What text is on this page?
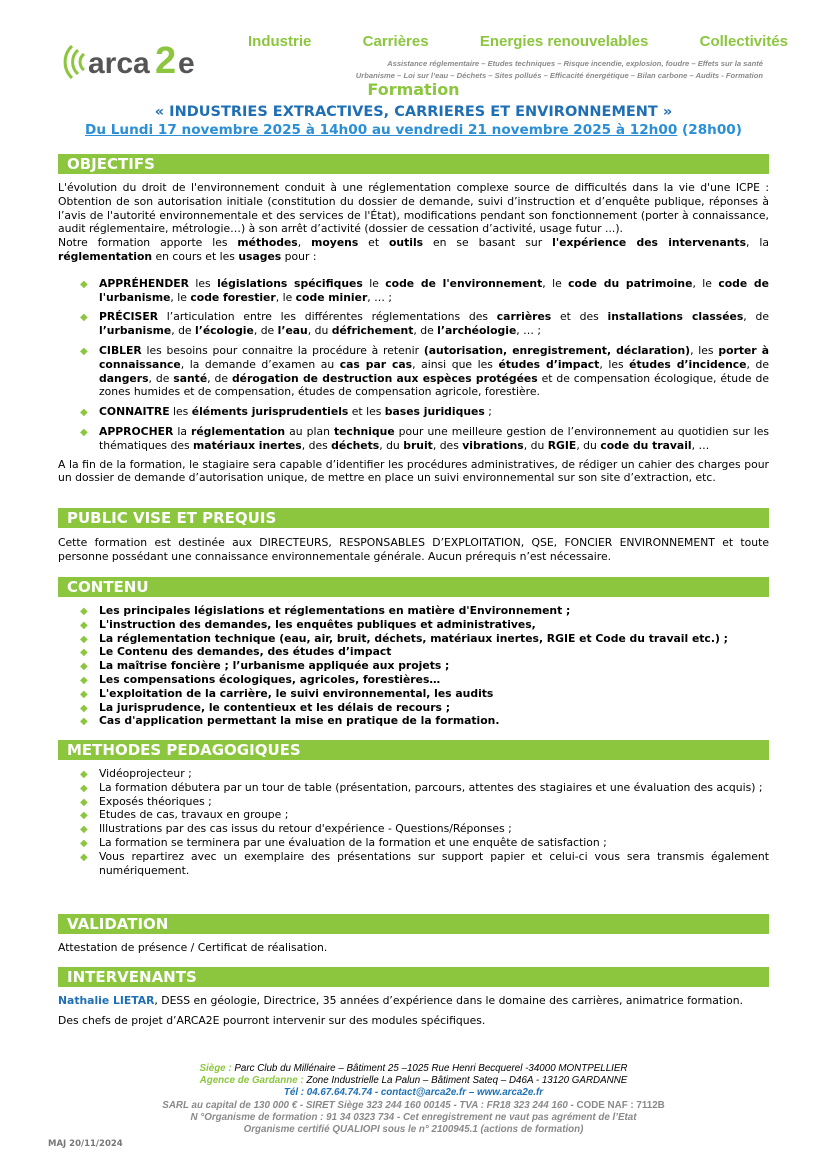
arca 2 e
Industrie	Carrières	Energies renouvelables	Collectivités
Assistance réglementaire – Etudes techniques – Risque incendie, explosion, foudre – Effets sur la santé
Urbanisme – Loi sur l’eau – Déchets – Sites pollués – Efficacité énergétique – Bilan carbone – Audits - Formation
Formation
« INDUSTRIES EXTRACTIVES, CARRIERES ET ENVIRONNEMENT »
Du Lundi 17 novembre 2025 à 14h00 au vendredi 21 novembre 2025 à 12h00 (28h00)
OBJECTIFS
L'évolution du droit de l'environnement conduit à une réglementation complexe source de difficultés dans la vie d'une ICPE : Obtention de son autorisation initiale (constitution du dossier de demande, suivi d’instruction et d’enquête publique, réponses à l’avis de l'autorité environnementale et des services de l'État), modifications pendant son fonctionnement (porter à connaissance, audit réglementaire, métrologie…) à son arrêt d’activité (dossier de cessation d’activité, usage futur ...).
Notre formation apporte les méthodes, moyens et outils en se basant sur l'expérience des intervenants, la réglementation en cours et les usages pour :
◆ APPRÉHENDER les législations spécifiques le code de l'environnement, le code du patrimoine, le code de l'urbanisme, le code forestier, le code minier, … ;
◆ PRÉCISER l’articulation entre les différentes réglementations des carrières et des installations classées, de l’urbanisme, de l’écologie, de l’eau, du défrichement, de l’archéologie, … ;
◆ CIBLER les besoins pour connaitre la procédure à retenir (autorisation, enregistrement, déclaration), les porter à connaissance, la demande d’examen au cas par cas, ainsi que les études d’impact, les études d’incidence, de dangers, de santé, de dérogation de destruction aux espèces protégées et de compensation écologique, étude de zones humides et de compensation, études de compensation agricole, forestière.
◆ CONNAITRE les éléments jurisprudentiels et les bases juridiques ;
◆ APPROCHER la réglementation au plan technique pour une meilleure gestion de l’environnement au quotidien sur les thématiques des matériaux inertes, des déchets, du bruit, des vibrations, du RGIE, du code du travail, …
A la fin de la formation, le stagiaire sera capable d’identifier les procédures administratives, de rédiger un cahier des charges pour un dossier de demande d’autorisation unique, de mettre en place un suivi environnemental sur son site d’extraction, etc.
PUBLIC VISE ET PREQUIS
Cette formation est destinée aux DIRECTEURS, RESPONSABLES D’EXPLOITATION, QSE, FONCIER ENVIRONNEMENT et toute personne possédant une connaissance environnementale générale. Aucun prérequis n’est nécessaire.
CONTENU
◆ Les principales législations et réglementations en matière d'Environnement ;
◆ L'instruction des demandes, les enquêtes publiques et administratives,
◆ La réglementation technique (eau, air, bruit, déchets, matériaux inertes, RGIE et Code du travail etc.) ;
◆ Le Contenu des demandes, des études d’impact
◆ La maîtrise foncière ; l’urbanisme appliquée aux projets ;
◆ Les compensations écologiques, agricoles, forestières…
◆ L'exploitation de la carrière, le suivi environnemental, les audits
◆ La jurisprudence, le contentieux et les délais de recours ;
◆ Cas d'application permettant la mise en pratique de la formation.
METHODES PEDAGOGIQUES
◆ Vidéoprojecteur ;
◆ La formation débutera par un tour de table (présentation, parcours, attentes des stagiaires et une évaluation des acquis) ;
◆ Exposés théoriques ;
◆ Etudes de cas, travaux en groupe ;
◆ Illustrations par des cas issus du retour d'expérience - Questions/Réponses ;
◆ La formation se terminera par une évaluation de la formation et une enquête de satisfaction ;
◆ Vous repartirez avec un exemplaire des présentations sur support papier et celui-ci vous sera transmis également numériquement.
VALIDATION
Attestation de présence / Certificat de réalisation.
INTERVENANTS
Nathalie LIETAR, DESS en géologie, Directrice, 35 années d’expérience dans le domaine des carrières, animatrice formation.
Des chefs de projet d’ARCA2E pourront intervenir sur des modules spécifiques.
Siège : Parc Club du Millénaire – Bâtiment 25 –1025 Rue Henri Becquerel -34000 MONTPELLIER
Agence de Gardanne : Zone Industrielle La Palun – Bâtiment Sateq – D46A - 13120 GARDANNE
Tél : 04.67.64.74.74 - contact@arca2e.fr – www.arca2e.fr
SARL au capital de 130 000 € - SIRET Siège 323 244 160 00145 - TVA : FR18 323 244 160 - CODE NAF : 7112B
N °Organisme de formation : 91 34 0323 734 - Cet enregistrement ne vaut pas agrément de l’Etat
Organisme certifié QUALIOPI sous le n° 2100945.1 (actions de formation)
MAJ 20/11/2024
